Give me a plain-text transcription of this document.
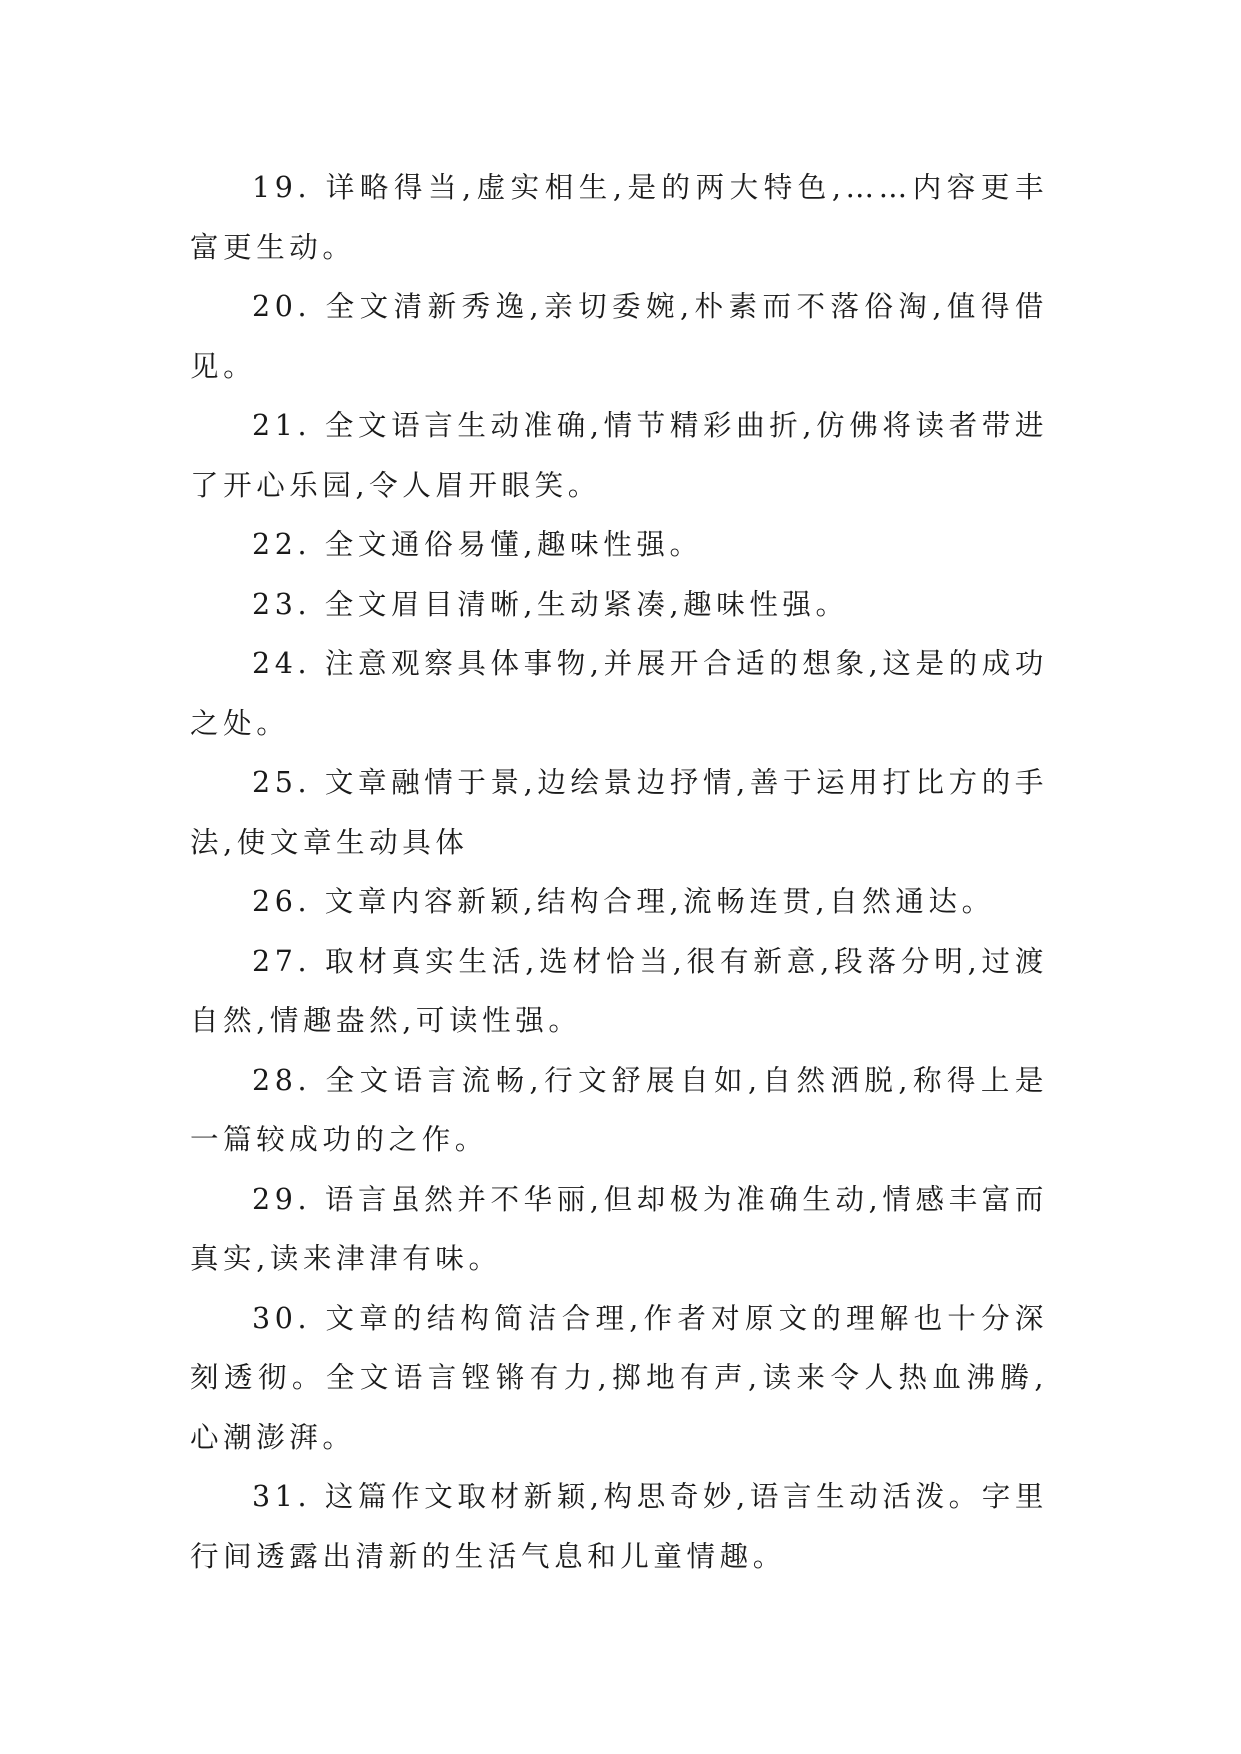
19. 详略得当,虚实相生,是的两大特色,……内容更丰富更生动。

20. 全文清新秀逸,亲切委婉,朴素而不落俗淘,值得借见。

21. 全文语言生动准确,情节精彩曲折,仿佛将读者带进了开心乐园,令人眉开眼笑。

22. 全文通俗易懂,趣味性强。

23. 全文眉目清晰,生动紧凑,趣味性强。

24. 注意观察具体事物,并展开合适的想象,这是的成功之处。

25. 文章融情于景,边绘景边抒情,善于运用打比方的手法,使文章生动具体

26. 文章内容新颖,结构合理,流畅连贯,自然通达。

27. 取材真实生活,选材恰当,很有新意,段落分明,过渡自然,情趣盎然,可读性强。

28. 全文语言流畅,行文舒展自如,自然洒脱,称得上是一篇较成功的之作。

29. 语言虽然并不华丽,但却极为准确生动,情感丰富而真实,读来津津有味。

30. 文章的结构简洁合理,作者对原文的理解也十分深刻透彻。全文语言铿锵有力,掷地有声,读来令人热血沸腾,心潮澎湃。

31. 这篇作文取材新颖,构思奇妙,语言生动活泼。字里行间透露出清新的生活气息和儿童情趣。
